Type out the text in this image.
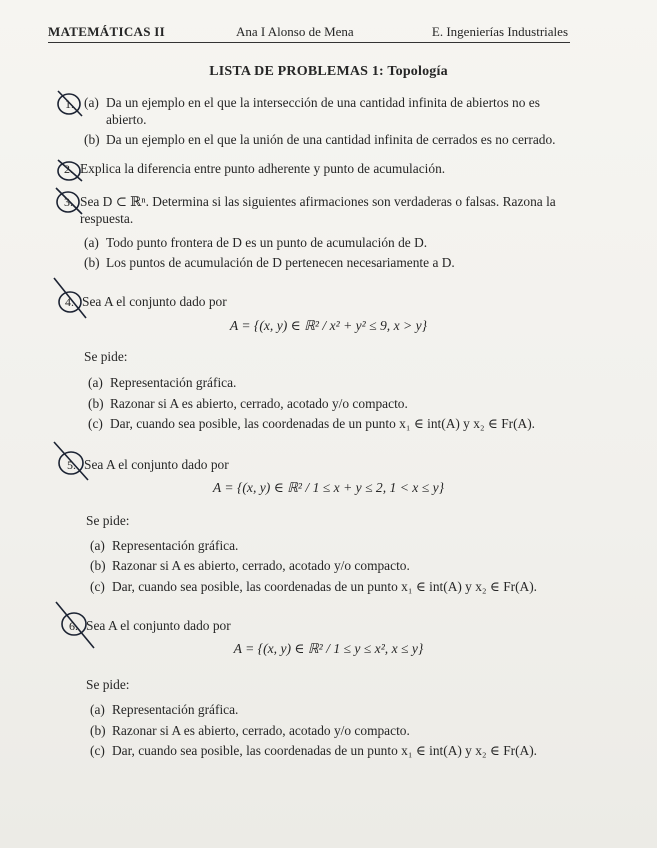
MATEMÁTICAS II	Ana I Alonso de Mena	E. Ingenierías Industriales
LISTA DE PROBLEMAS 1: Topología
1. (a) Da un ejemplo en el que la intersección de una cantidad infinita de abiertos no es
abierto.
(b) Da un ejemplo en el que la unión de una cantidad infinita de cerrados es no cerrado.
2. Explica la diferencia entre punto adherente y punto de acumulación.
3. Sea D ⊂ ℝⁿ. Determina si las siguientes afirmaciones son verdaderas o falsas. Razona la
respuesta.
(a) Todo punto frontera de D es un punto de acumulación de D.
(b) Los puntos de acumulación de D pertenecen necesariamente a D.
4. Sea A el conjunto dado por
A = {(x, y) ∈ ℝ² / x² + y² ≤ 9, x > y}
Se pide:
(a) Representación gráfica.
(b) Razonar si A es abierto, cerrado, acotado y/o compacto.
(c) Dar, cuando sea posible, las coordenadas de un punto x₁ ∈ int(A) y x₂ ∈ Fr(A).
5. Sea A el conjunto dado por
A = {(x, y) ∈ ℝ² / 1 ≤ x + y ≤ 2, 1 < x ≤ y}
Se pide:
(a) Representación gráfica.
(b) Razonar si A es abierto, cerrado, acotado y/o compacto.
(c) Dar, cuando sea posible, las coordenadas de un punto x₁ ∈ int(A) y x₂ ∈ Fr(A).
6. Sea A el conjunto dado por
A = {(x, y) ∈ ℝ² / 1 ≤ y ≤ x², x ≤ y}
Se pide:
(a) Representación gráfica.
(b) Razonar si A es abierto, cerrado, acotado y/o compacto.
(c) Dar, cuando sea posible, las coordenadas de un punto x₁ ∈ int(A) y x₂ ∈ Fr(A).
